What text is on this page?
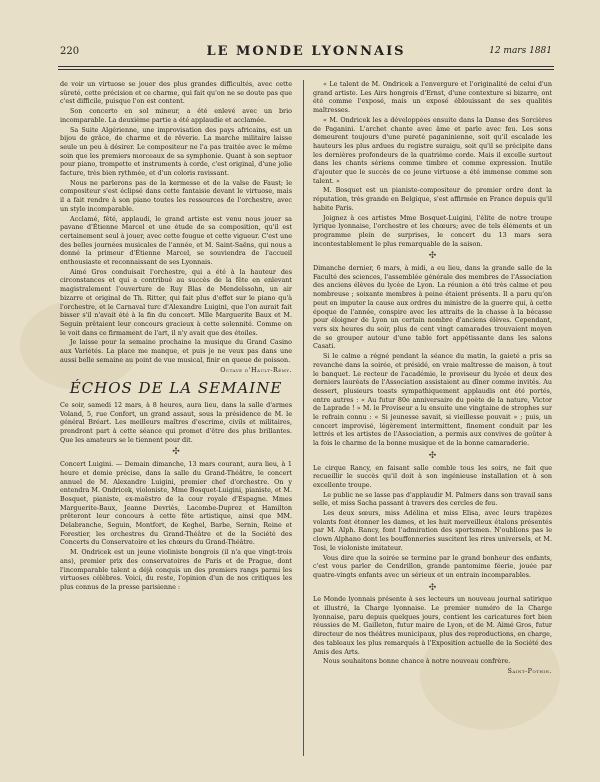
220	LE MONDE LYONNAIS	12 mars 1881

de voir un virtuose se jouer des plus grandes difficultés, avec cette sûreté, cette précision et ce charme, qui fait qu'on ne se doute pas que c'est difficile, puisque l'on est content.

Son concerto en sol mineur, a été enlevé avec un brio incomparable. La deuxième partie a été applaudie et acclamée.

Sa Suite Algérienne, une improvisation des pays africains, est un bijou de grâce, de charme et de rêverie. La marche militaire laisse seule un peu à désirer. Le compositeur ne l'a pas traitée avec le même soin que les premiers morceaux de sa symphonie. Quant à son septuor pour piano, trompette et instruments à corde, c'est original, d'une jolie facture, très bien rythmée, et d'un coloris ravissant.

Nous ne parlerons pas de la kermesse et de la valse de Faust; le compositeur s'est éclipsé dans cette fantaisie devant le virtuose, mais il a fait rendre à son piano toutes les ressources de l'orchestre, avec un style incomparable.

Acclamé, fêté, applaudi, le grand artiste est venu nous jouer sa pavane d'Étienne Marcel et une étude de sa composition, qu'il est certainement seul à jouer, avec cette fougue et cette vigueur. C'est une des belles journées musicales de l'année, et M. Saint-Saëns, qui nous a donné la primeur d'Étienne Marcel, se souviendra de l'accueil enthousiaste et reconnaissant de ses Lyonnais.

Aimé Gros conduisait l'orchestre, qui a été à la hauteur des circonstances et qui a contribué au succès de la fête en enlevant magistralement l'ouverture de Ruy Blas de Mendelssohn, un air bizarre et original de Th. Ritter, qui fait plus d'effet sur le piano qu'à l'orchestre, et le Carnaval turc d'Alexandre Luigini, que l'on aurait fait bisser s'il n'avait été à la fin du concert. Mlle Marguerite Baux et M. Seguin prêtaient leur concours gracieux à cette solennité. Comme on le voit dans ce firmament de l'art, il n'y avait que des étoiles.

Je laisse pour la semaine prochaine la musique du Grand Casino aux Variétés. La place me manque, et puis je ne veux pas dans une aussi belle semaine au point de vue musical, finir en queue de poisson.

Octave d'Hault-Rémy.
ÉCHOS DE LA SEMAINE

Ce soir, samedi 12 mars, à 8 heures, aura lieu, dans la salle d'armes Voland, 5, rue Confort, un grand assaut, sous la présidence de M. le général Bréart. Les meilleurs maîtres d'escrime, civils et militaires, prendront part à cette séance qui promet d'être des plus brillantes. Que les amateurs se le tiennent pour dit.

✣

Concert Luigini. — Demain dimanche, 13 mars courant, aura lieu, à 1 heure et demie précise, dans la salle du Grand-Théâtre, le concert annuel de M. Alexandre Luigini, premier chef d'orchestre. On y entendra M. Ondricek, violoniste, Mme Bosquet-Luigini, pianiste, et M. Bosquet, pianiste, ex-maëstro de la cour royale d'Espagne. Mmes Marguerite-Baux, Jeanne Devriès, Lacombe-Duprez et Hamilton prêteront leur concours à cette fête artistique, ainsi que MM. Delabranche, Seguin, Montfort, de Keghel, Barbe, Sernin, Reine et Forestier, les orchestres du Grand-Théâtre et de la Société des Concerts du Conservatoire et les chœurs du Grand-Théâtre.

M. Ondricek est un jeune violiniste bongrois (il n'a que vingt-trois ans), premier prix des conservatoires de Paris et de Prague, dont l'incomparable talent a déjà conquis un des premiers rangs parmi les virtuoses célèbres. Voici, du reste, l'opinion d'un de nos critiques les plus connus de la presse parisienne :

« Le talent de M. Ondricek a l'envergure et l'originalité de celui d'un grand artiste. Les Airs hongrois d'Ernst, d'une contexture si bizarre, ont été comme l'exposé, mais un exposé éblouissant de ses qualités maîtresses.

« M. Ondricek les a développées ensuite dans la Danse des Sorcières de Paganini. L'archet chante avec âme et parle avec feu. Les sons demeurent toujours d'une pureté paganinienne, soit qu'il escalade les hauteurs les plus ardues du registre suraigu, soit qu'il se précipite dans les dernières profondeurs de la quatrième corde. Mais il excelle surtout dans les chants sériens comme timbre et comme expression. Inutile d'ajouter que le succès de ce jeune virtuose a été immense comme son talent. »

M. Bosquet est un pianiste-compositeur de premier ordre dont la réputation, très grande en Belgique, s'est affirmée en France depuis qu'il habite Paris.

Joignez à ces artistes Mme Bosquet-Luigini, l'élite de notre troupe lyrique lyonnaise, l'orchestre et les chœurs; avec de tels éléments et un programme plein de surprises, le concert du 13 mars sera incontestablement le plus remarquable de la saison.

✣

Dimanche dernier, 6 mars, à midi, a eu lieu, dans la grande salle de la Faculté des sciences, l'assemblée générale des membres de l'Association des anciens élèves du lycée de Lyon. La réunion a été très calme et peu nombreuse ; soixante membres à peine étaient présents. Il a paru qu'on peut en imputer la cause aux ordres du ministre de la guerre qui, à cette époque de l'année, conspire avec les attraits de la chasse à la bécasse pour éloigner de Lyon un certain nombre d'anciens élèves. Cependant, vers six heures du soir, plus de cent vingt camarades trouvaient moyen de se grouper autour d'une table fort appétissante dans les salons Casati.

Si le calme a régné pendant la séance du matin, la gaieté a pris sa revanche dans la soirée, et présidé, en vraie maîtresse de maison, à tout le banquet. Le recteur de l'académie, le proviseur du lycée et deux des derniers lauréats de l'Association assistaient au dîner comme invités. Au dessert, plusieurs toasts sympathiquement applaudis ont été portés, entre autres : « Au futur 80e anniversaire du poète de la nature, Victor de Laprade ! » M. le Proviseur a lu ensuite une vingtaine de strophes sur le refrain connu : « Si jeunesse savait, si vieillesse pouvait » ; puis, un concert improvisé, légèrement intermittent, finement conduit par les lettrés et les artistes de l'Association, a permis aux convives de goûter à la fois le charme de la bonne musique et de la bonne camaraderie.

✣

Le cirque Rancy, en faisant salle comble tous les soirs, ne fait que recueillir le succès qu'il doit à son ingénieuse installation et à son excellente troupe.

Le public ne se lasse pas d'applaudir M. Palmers dans son travail sans selle, et miss Sacha passant à travers des cercles de feu.

Les deux sœurs, miss Adélina et miss Elisa, avec leurs trapèzes volants font étonner les dames, et les huit merveilleux étalons présentés par M. Alph. Rancy, font l'admiration des sportsmen. N'oublions pas le clown Alphano dont les bouffonneries suscitent les rires universels, et M. Tosi, le violoniste imitateur.

Vous dire que la soirée se termine par le grand bonheur des enfants, c'est vous parler de Cendrillon, grande pantomime féerie, jouée par quatre-vingts enfants avec un sérieux et un entrain incomparables.

✣

Le Monde lyonnais présente à ses lecteurs un nouveau journal satirique et illustré, la Charge lyonnaise. Le premier numéro de la Charge lyonnaise, paru depuis quelques jours, contient les caricatures fort bien réussies de M. Gailleton, futur maire de Lyon, et de M. Aimé Gros, futur directeur de nos théâtres municipaux, plus des reproductions, en charge, des tableaux les plus remarqués à l'Exposition actuelle de la Société des Amis des Arts.

Nous souhaitons bonne chance à notre nouveau confrère.

Saint-Pothin.
